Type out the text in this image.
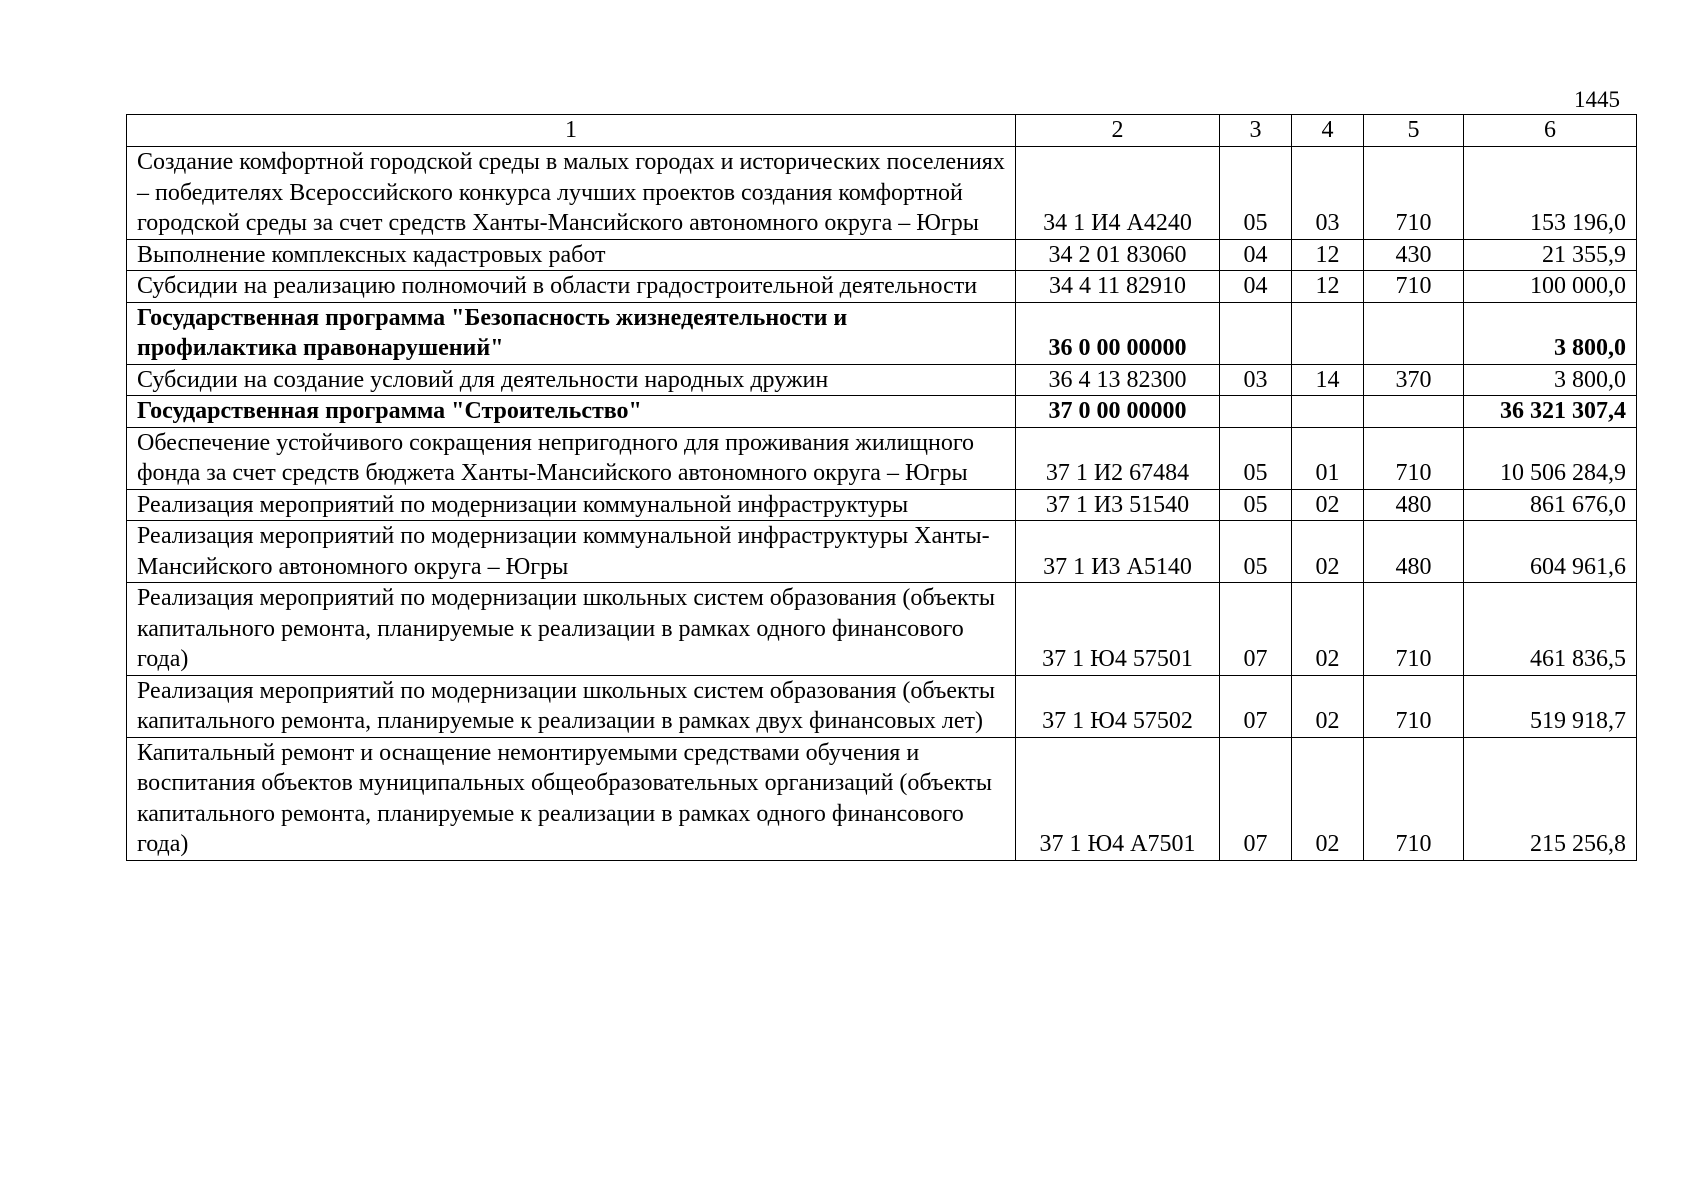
1445
1	2	3	4	5	6
Создание комфортной городской среды в малых городах и исторических поселениях – победителях Всероссийского конкурса лучших проектов создания комфортной городской среды за счет средств Ханты-Мансийского автономного округа – Югры	34 1 И4 А4240	05	03	710	153 196,0
Выполнение комплексных кадастровых работ	34 2 01 83060	04	12	430	21 355,9
Субсидии на реализацию полномочий в области градостроительной деятельности	34 4 11 82910	04	12	710	100 000,0
Государственная программа "Безопасность жизнедеятельности и профилактика правонарушений"	36 0 00 00000				3 800,0
Субсидии на создание условий для деятельности народных дружин	36 4 13 82300	03	14	370	3 800,0
Государственная программа "Строительство"	37 0 00 00000				36 321 307,4
Обеспечение устойчивого сокращения непригодного для проживания жилищного фонда за счет средств бюджета Ханты-Мансийского автономного округа – Югры	37 1 И2 67484	05	01	710	10 506 284,9
Реализация мероприятий по модернизации коммунальной инфраструктуры	37 1 И3 51540	05	02	480	861 676,0
Реализация мероприятий по модернизации коммунальной инфраструктуры Ханты-Мансийского автономного округа – Югры	37 1 И3 А5140	05	02	480	604 961,6
Реализация мероприятий по модернизации школьных систем образования (объекты капитального ремонта, планируемые к реализации в рамках одного финансового года)	37 1 Ю4 57501	07	02	710	461 836,5
Реализация мероприятий по модернизации школьных систем образования (объекты капитального ремонта, планируемые к реализации в рамках двух финансовых лет)	37 1 Ю4 57502	07	02	710	519 918,7
Капитальный ремонт и оснащение немонтируемыми средствами обучения и воспитания объектов муниципальных общеобразовательных организаций (объекты капитального ремонта, планируемые к реализации в рамках одного финансового года)	37 1 Ю4 А7501	07	02	710	215 256,8
